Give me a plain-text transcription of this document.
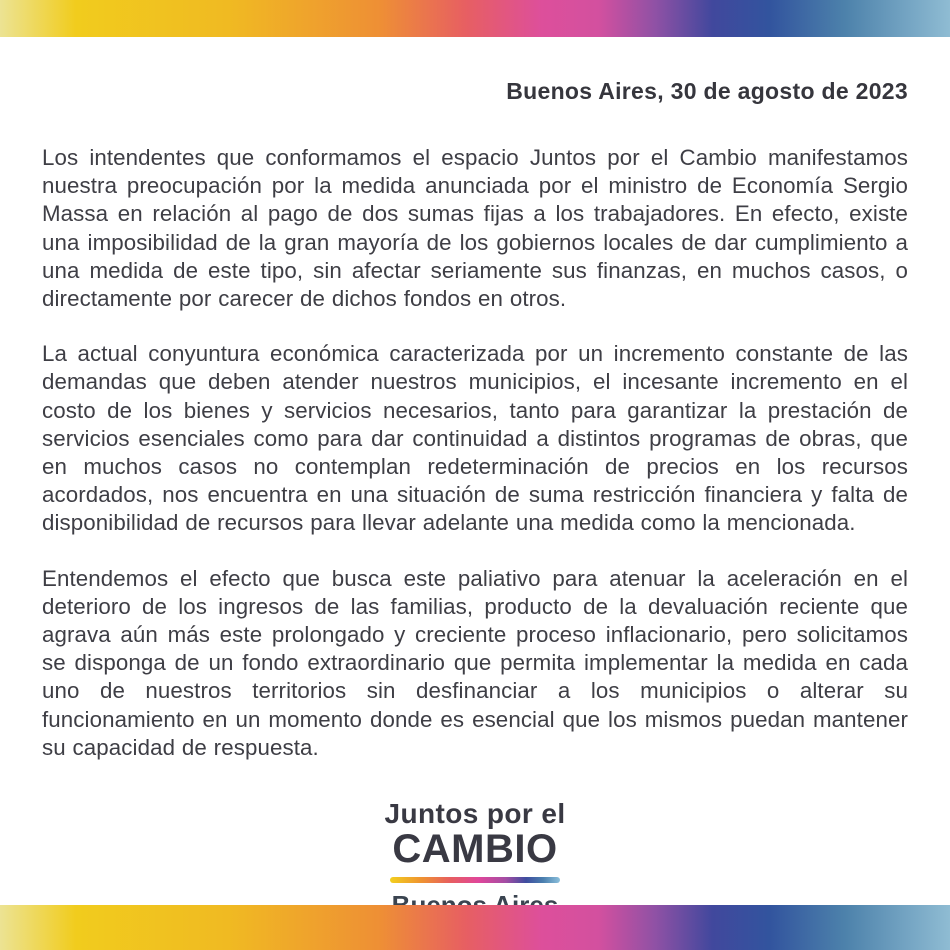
Buenos Aires, 30 de agosto de 2023

Los intendentes que conformamos el espacio Juntos por el Cambio manifestamos nuestra preocupación por la medida anunciada por el ministro de Economía Sergio Massa en relación al pago de dos sumas fijas a los trabajadores. En efecto, existe una imposibilidad de la gran mayoría de los gobiernos locales de dar cumplimiento a una medida de este tipo, sin afectar seriamente sus finanzas, en muchos casos, o directamente por carecer de dichos fondos en otros.

La actual conyuntura económica caracterizada por un incremento constante de las demandas que deben atender nuestros municipios, el incesante incremento en el costo de los bienes y servicios necesarios, tanto para garantizar la prestación de servicios esenciales como para dar continuidad a distintos programas de obras, que en muchos casos no contemplan redeterminación de precios en los recursos acordados, nos encuentra en una situación de suma restricción financiera y falta de disponibilidad de recursos para llevar adelante una medida como la mencionada.

Entendemos el efecto que busca este paliativo para atenuar la aceleración en el deterioro de los ingresos de las familias, producto de la devaluación reciente que agrava aún más este prolongado y creciente proceso inflacionario, pero solicitamos se disponga de un fondo extraordinario que permita implementar la medida en cada uno de nuestros territorios sin desfinanciar a los municipios o alterar su funcionamiento en un momento donde es esencial que los mismos puedan mantener su capacidad de respuesta.

Juntos por el
CAMBIO
